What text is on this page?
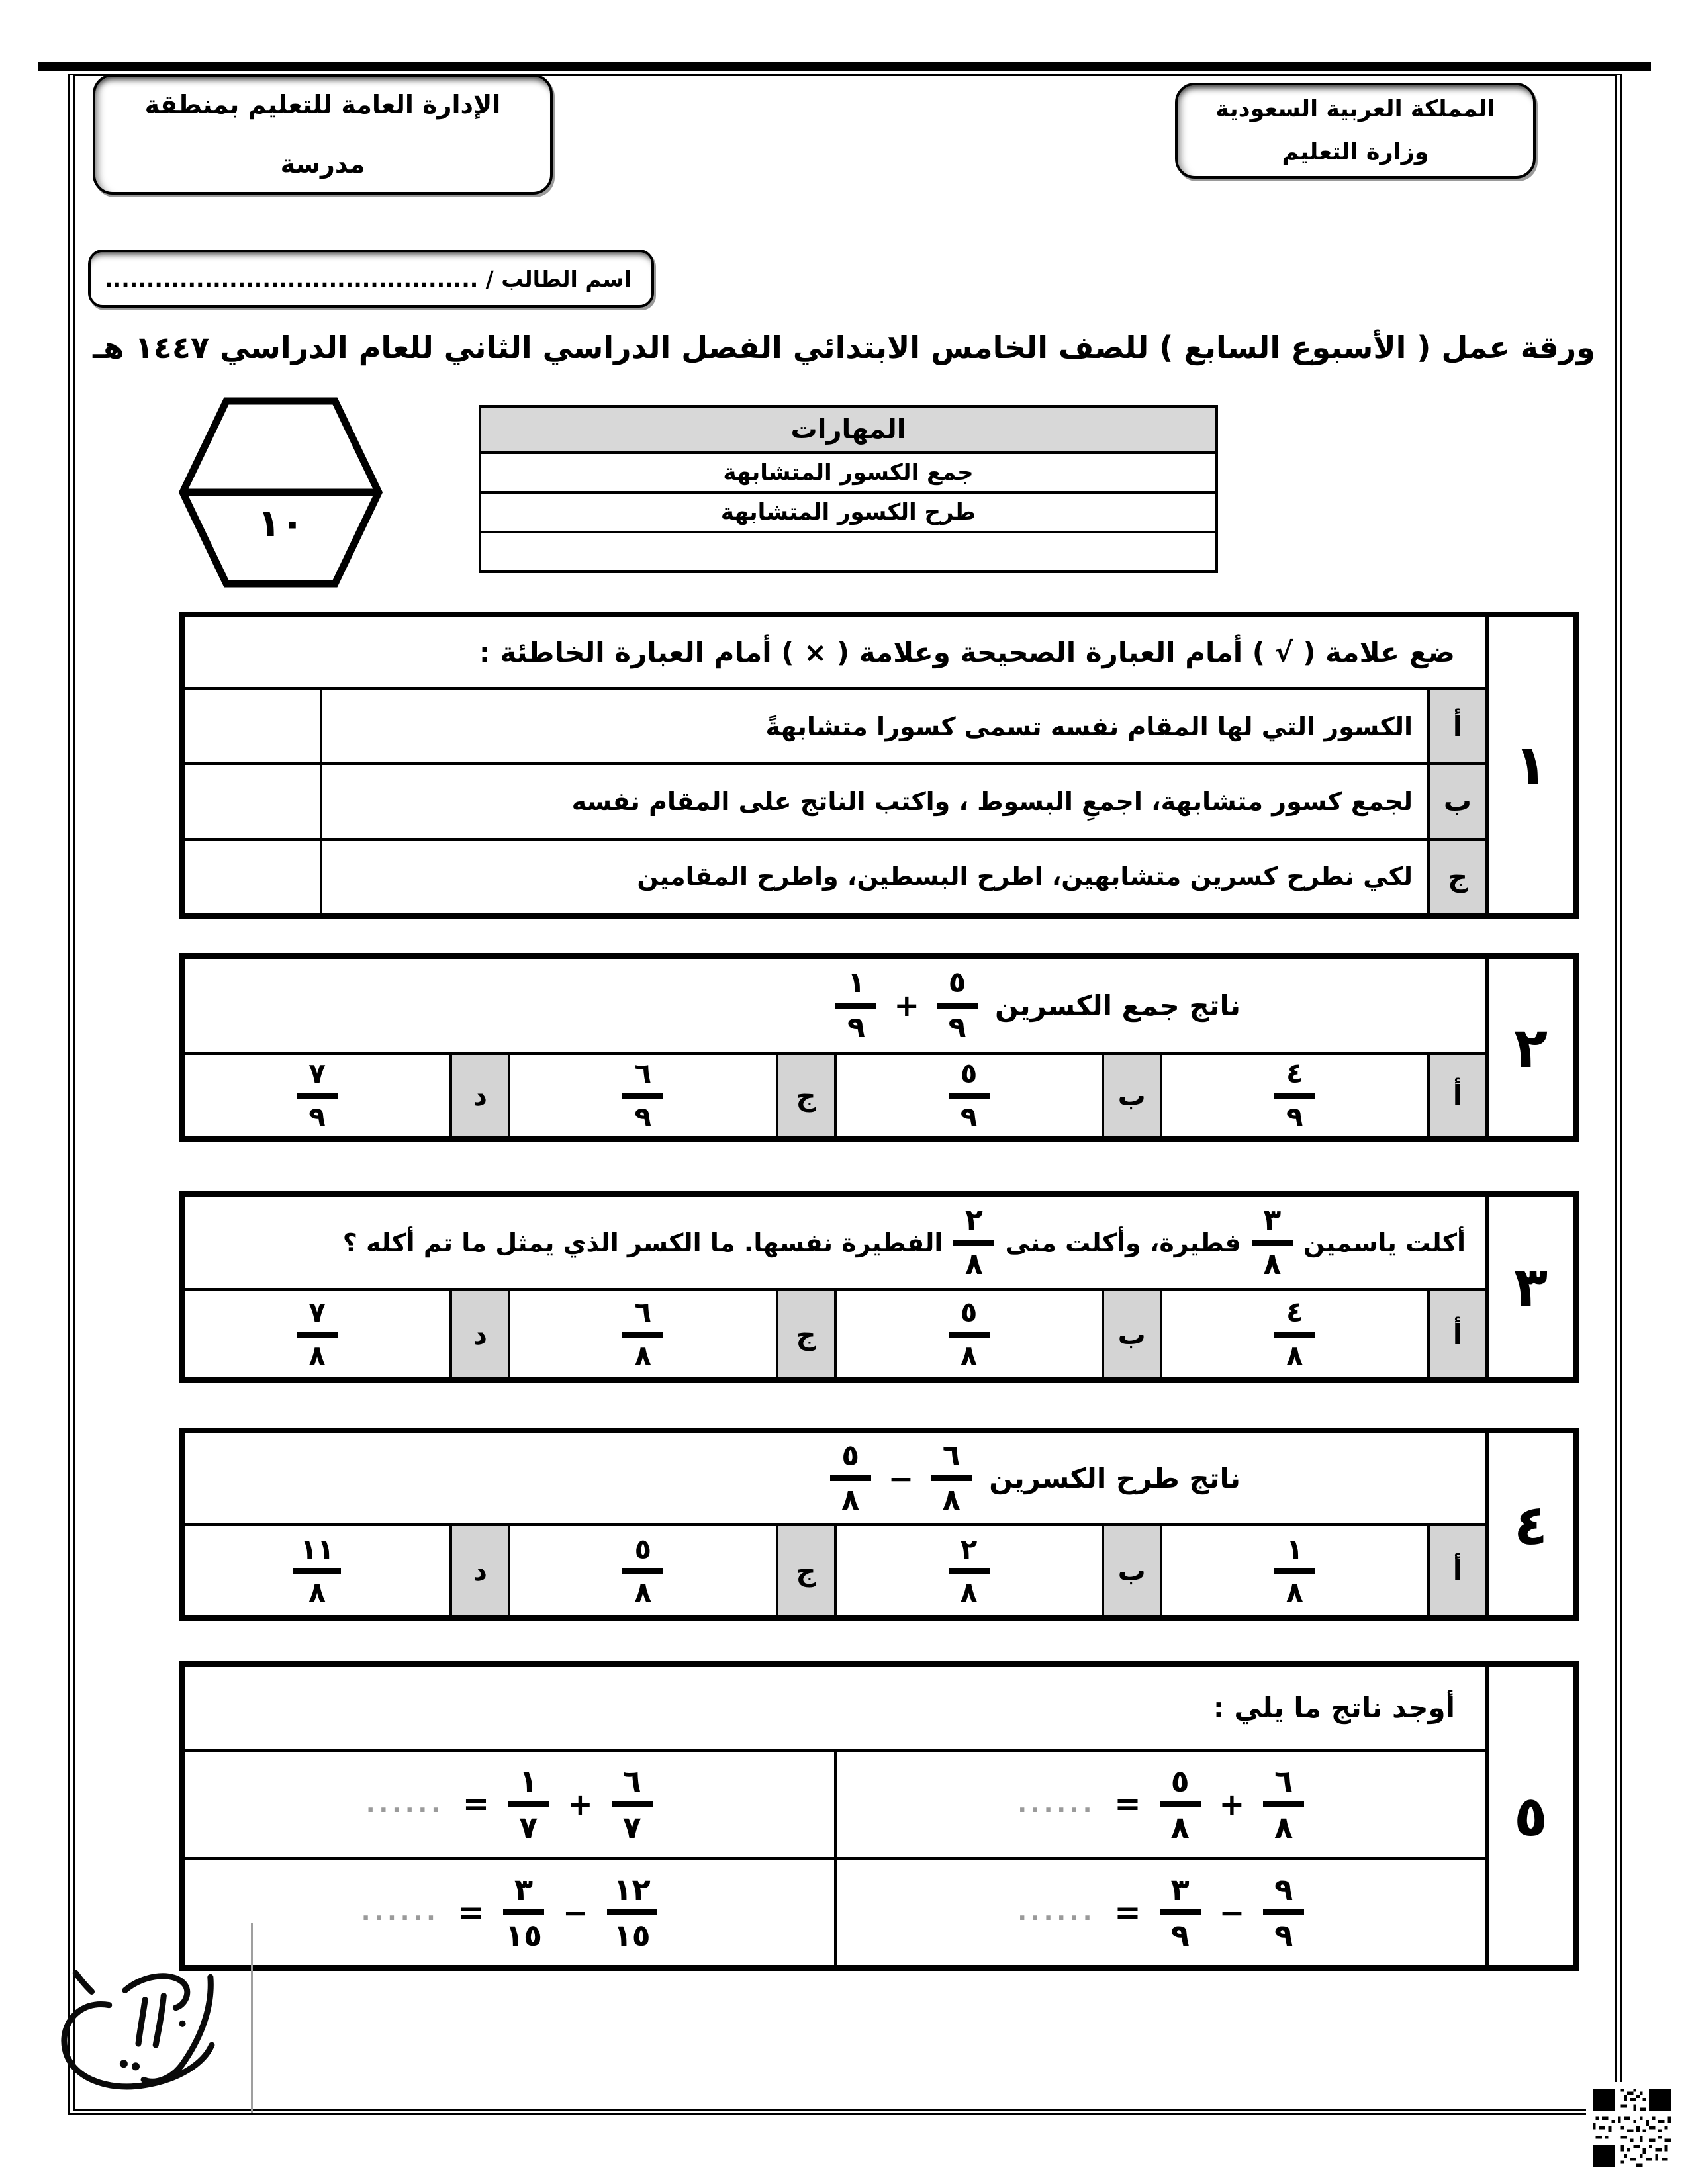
المملكة العربية السعودية
وزارة التعليم
الإدارة العامة للتعليم بمنطقة
مدرسة
اسم الطالب / .............................................
ورقة عمل ( الأسبوع السابع ) للصف الخامس الابتدائي الفصل الدراسي الثاني للعام الدراسي ١٤٤٧ هـ
١٠
المهارات
جمع الكسور المتشابهة
طرح الكسور المتشابهة
١
ضع علامة ( √ ) أمام العبارة الصحيحة وعلامة ( × ) أمام العبارة الخاطئة :
أ
الكسور التي لها المقام نفسه تسمى كسورا متشابهةً
ب
لجمع كسور متشابهة، اجمعِ البسوط ، واكتب الناتج على المقام نفسه
ج
لكي نطرح كسرين متشابهين، اطرح البسطين، واطرح المقامين
٢
ناتج جمع الكسرين
$\frac{٥}{٩}$
+
$\frac{١}{٩}$
أ
$\frac{٤}{٩}$
ب
$\frac{٥}{٩}$
ج
$\frac{٦}{٩}$
د
$\frac{٧}{٩}$
٣
أكلت ياسمين
$\frac{٣}{٨}$
فطيرة، وأكلت منى
$\frac{٢}{٨}$
الفطيرة نفسها. ما الكسر الذي يمثل ما تم أكله ؟
أ
$\frac{٤}{٨}$
ب
$\frac{٥}{٨}$
ج
$\frac{٦}{٨}$
د
$\frac{٧}{٨}$
٤
ناتج طرح الكسرين
$\frac{٦}{٨}$
−
$\frac{٥}{٨}$
أ
$\frac{١}{٨}$
ب
$\frac{٢}{٨}$
ج
$\frac{٥}{٨}$
د
$\frac{١١}{٨}$
٥
أوجد ناتج ما يلي :
$\frac{٦}{٨}$
+
$\frac{٥}{٨}$
=
......
$\frac{٦}{٧}$
+
$\frac{١}{٧}$
=
......
$\frac{٩}{٩}$
−
$\frac{٣}{٩}$
=
......
$\frac{١٢}{١٥}$
−
$\frac{٣}{١٥}$
=
......
